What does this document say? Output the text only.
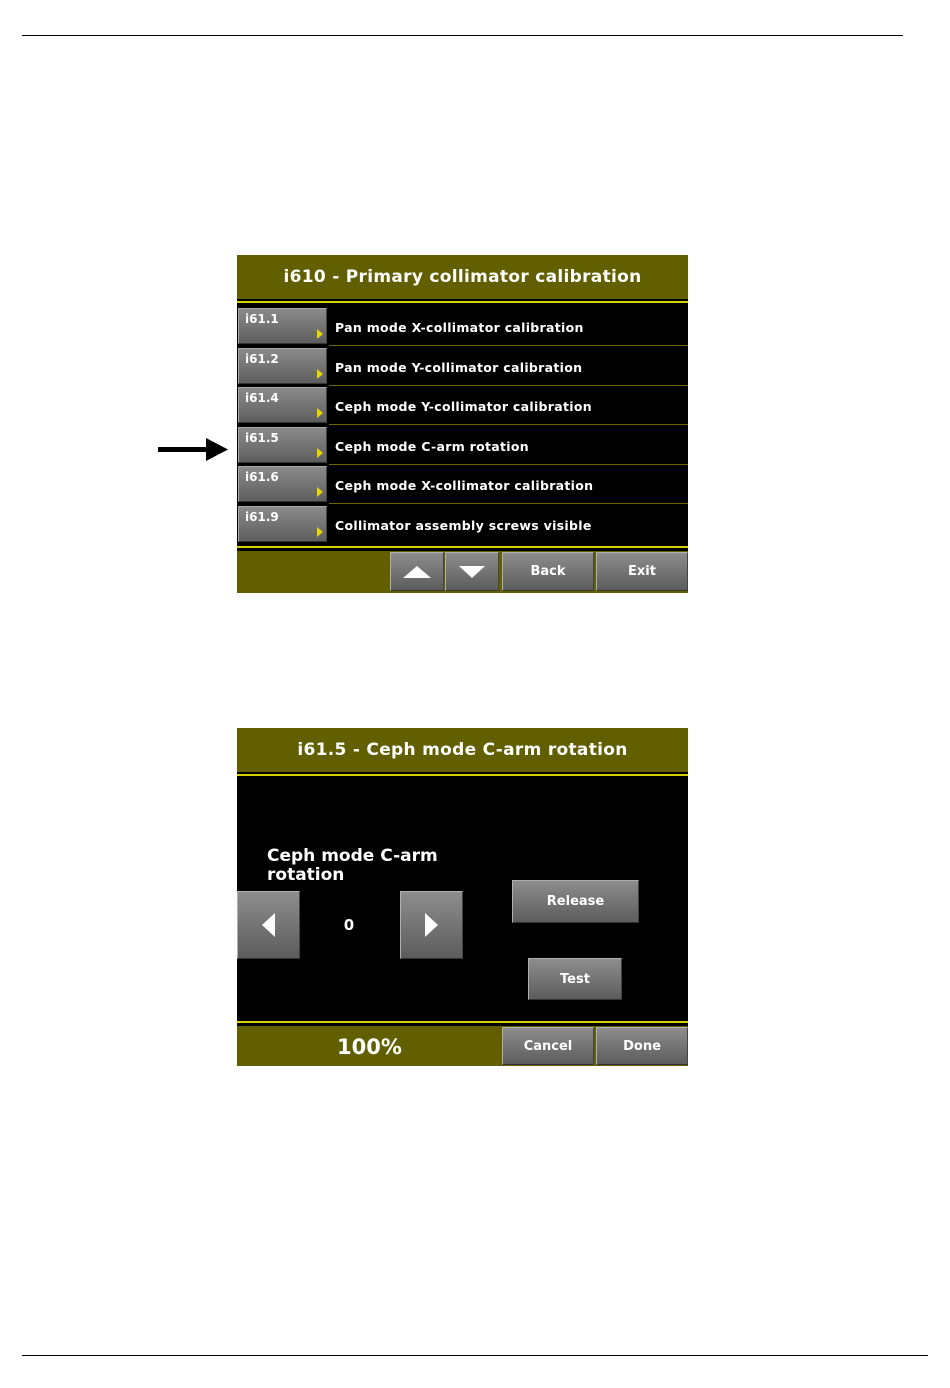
i610 - Primary collimator calibration
i61.1
Pan mode X-collimator calibration
i61.2
Pan mode Y-collimator calibration
i61.4
Ceph mode Y-collimator calibration
i61.5
Ceph mode C-arm rotation
i61.6
Ceph mode X-collimator calibration
i61.9
Collimator assembly screws visible
Back	Exit
i61.5 - Ceph mode C-arm rotation
Ceph mode C-arm rotation
0
Release
Test
100%	Cancel	Done
